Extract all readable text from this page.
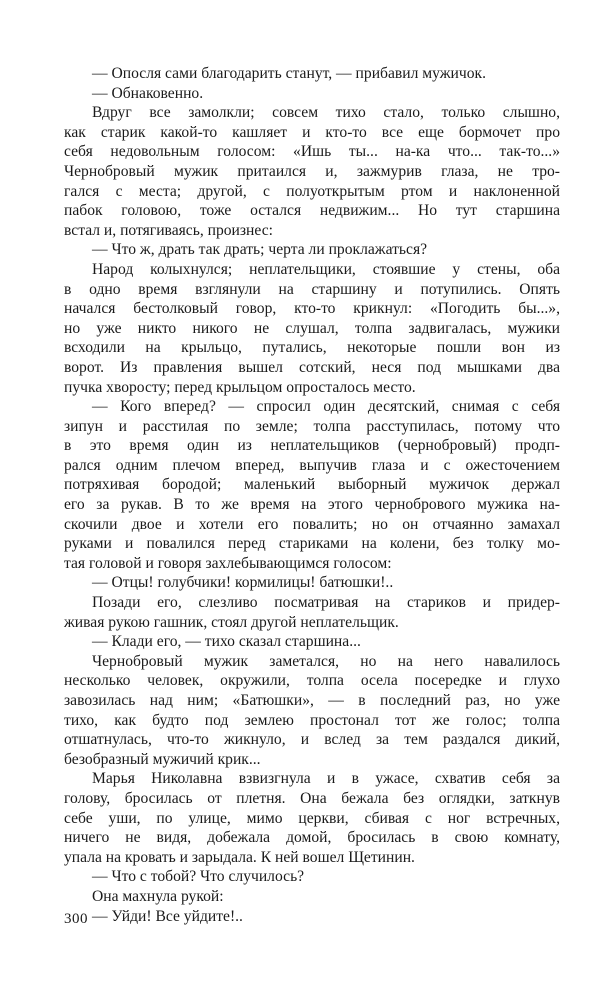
— Опосля сами благодарить станут, — прибавил мужичок.
— Обнаковенно.
Вдруг все замолкли; совсем тихо стало, только слышно,
как старик какой-то кашляет и кто-то все еще бормочет про
себя недовольным голосом: «Ишь ты... на-ка что... так-то...»
Чернобровый мужик притаился и, зажмурив глаза, не тро-
гался с места; другой, с полуоткрытым ртом и наклоненной
пабок головою, тоже остался недвижим... Но тут старшина
встал и, потягиваясь, произнес:
— Что ж, драть так драть; черта ли проклажаться?
Народ колыхнулся; неплательщики, стоявшие у стены, оба
в одно время взглянули на старшину и потупились. Опять
начался бестолковый говор, кто-то крикнул: «Погодить бы...»,
но уже никто никого не слушал, толпа задвигалась, мужики
всходили на крыльцо, путались, некоторые пошли вон из
ворот. Из правления вышел сотский, неся под мышками два
пучка хворосту; перед крыльцом опросталось место.
— Кого вперед? — спросил один десятский, снимая с себя
зипун и расстилая по земле; толпа расступилась, потому что
в это время один из неплательщиков (чернобровый) продп-
рался одним плечом вперед, выпучив глаза и с ожесточением
потряхивая бородой; маленький выборный мужичок держал
его за рукав. В то же время на этого чернобрового мужика на-
скочили двое и хотели его повалить; но он отчаянно замахал
руками и повалился перед стариками на колени, без толку мо-
тая головой и говоря захлебывающимся голосом:
— Отцы! голубчики! кормилицы! батюшки!..
Позади его, слезливо посматривая на стариков и придер-
живая рукою гашник, стоял другой неплательщик.
— Клади его, — тихо сказал старшина...
Чернобровый мужик заметался, но на него навалилось
несколько человек, окружили, толпа осела посередке и глухо
завозилась над ним; «Батюшки», — в последний раз, но уже
тихо, как будто под землею простонал тот же голос; толпа
отшатнулась, что-то жикнуло, и вслед за тем раздался дикий,
безобразный мужичий крик...
Марья Николавна взвизгнула и в ужасе, схватив себя за
голову, бросилась от плетня. Она бежала без оглядки, заткнув
себе уши, по улице, мимо церкви, сбивая с ног встречных,
ничего не видя, добежала домой, бросилась в свою комнату,
упала на кровать и зарыдала. К ней вошел Щетинин.
— Что с тобой? Что случилось?
Она махнула рукой:
— Уйди! Все уйдите!..
300
